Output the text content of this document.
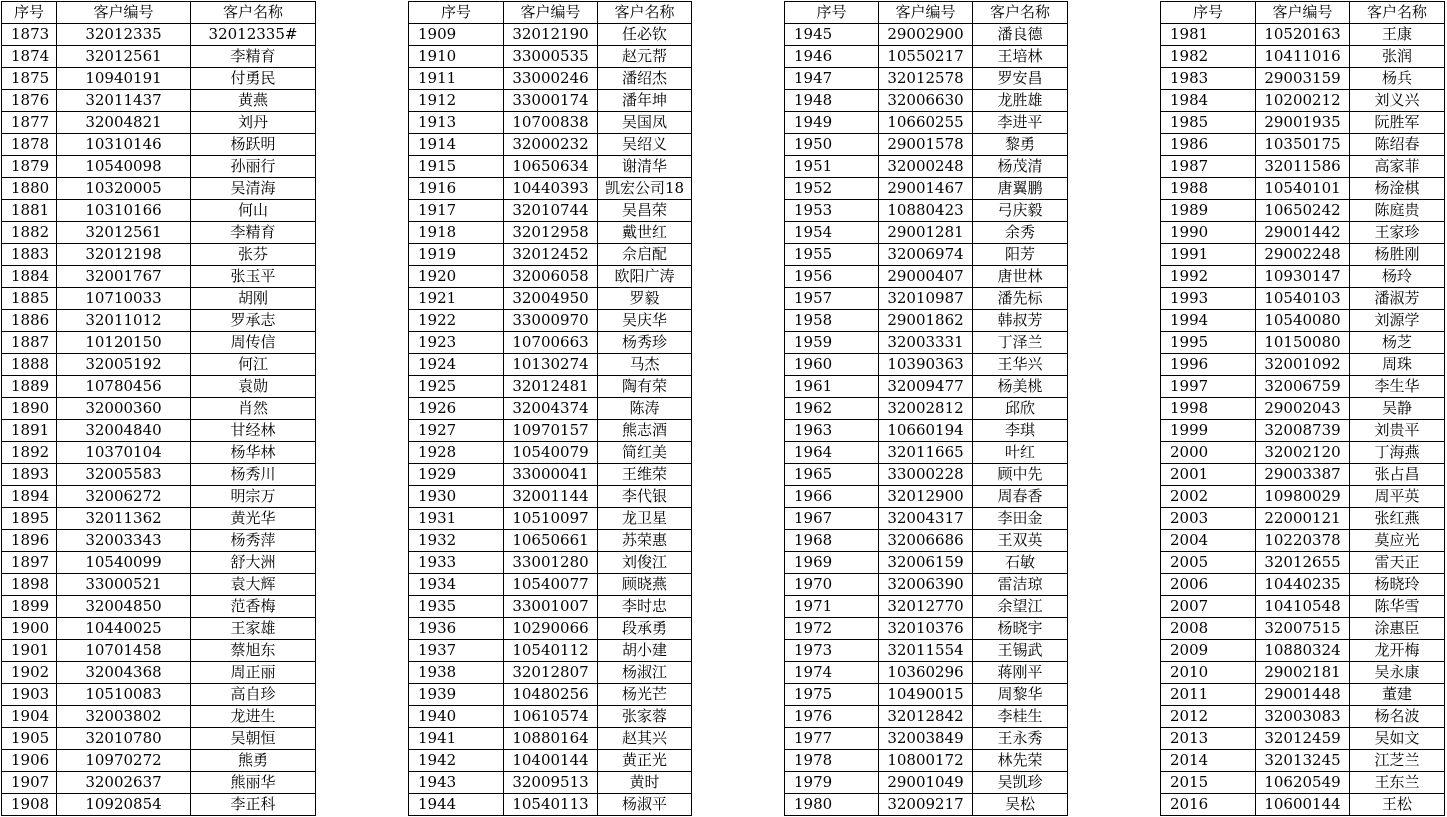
序号	客户编号	客户名称
1873	32012335	32012335#
1874	32012561	李精育
1875	10940191	付勇民
1876	32011437	黄燕
1877	32004821	刘丹
1878	10310146	杨跃明
1879	10540098	孙丽行
1880	10320005	吴清海
1881	10310166	何山
1882	32012561	李精育
1883	32012198	张芬
1884	32001767	张玉平
1885	10710033	胡刚
1886	32011012	罗承志
1887	10120150	周传信
1888	32005192	何江
1889	10780456	袁勋
1890	32000360	肖然
1891	32004840	甘经林
1892	10370104	杨华林
1893	32005583	杨秀川
1894	32006272	明宗万
1895	32011362	黄光华
1896	32003343	杨秀萍
1897	10540099	舒大洲
1898	33000521	袁大辉
1899	32004850	范香梅
1900	10440025	王家雄
1901	10701458	蔡旭东
1902	32004368	周正丽
1903	10510083	高自珍
1904	32003802	龙进生
1905	32010780	吴朝恒
1906	10970272	熊勇
1907	32002637	熊丽华
1908	10920854	李正科
序号	客户编号	客户名称
1909	32012190	任必钦
1910	33000535	赵元帮
1911	33000246	潘绍杰
1912	33000174	潘年坤
1913	10700838	吴国凤
1914	32000232	吴绍义
1915	10650634	谢清华
1916	10440393	凯宏公司18
1917	32010744	吴昌荣
1918	32012958	戴世红
1919	32012452	佘启配
1920	32006058	欧阳广涛
1921	32004950	罗毅
1922	33000970	吴庆华
1923	10700663	杨秀珍
1924	10130274	马杰
1925	32012481	陶有荣
1926	32004374	陈涛
1927	10970157	熊志酒
1928	10540079	简红美
1929	33000041	王维荣
1930	32001144	李代银
1931	10510097	龙卫星
1932	10650661	苏荣惠
1933	33001280	刘俊江
1934	10540077	顾晓燕
1935	33001007	李时忠
1936	10290066	段承勇
1937	10540112	胡小建
1938	32012807	杨淑江
1939	10480256	杨光芒
1940	10610574	张家蓉
1941	10880164	赵其兴
1942	10400144	黄正光
1943	32009513	黄时
1944	10540113	杨淑平
序号	客户编号	客户名称
1945	29002900	潘良德
1946	10550217	王培林
1947	32012578	罗安昌
1948	32006630	龙胜雄
1949	10660255	李进平
1950	29001578	黎勇
1951	32000248	杨茂清
1952	29001467	唐翼鹏
1953	10880423	弓庆毅
1954	29001281	余秀
1955	32006974	阳芳
1956	29000407	唐世林
1957	32010987	潘先标
1958	29001862	韩叔芳
1959	32003331	丁泽兰
1960	10390363	王华兴
1961	32009477	杨美桃
1962	32002812	邱欣
1963	10660194	李琪
1964	32011665	叶红
1965	33000228	顾中先
1966	32012900	周春香
1967	32004317	李田金
1968	32006686	王双英
1969	32006159	石敏
1970	32006390	雷洁琼
1971	32012770	余望江
1972	32010376	杨晓宇
1973	32011554	王锡武
1974	10360296	蒋刚平
1975	10490015	周黎华
1976	32012842	李桂生
1977	32003849	王永秀
1978	10800172	林先荣
1979	29001049	吴凯珍
1980	32009217	吴松
序号	客户编号	客户名称
1981	10520163	王康
1982	10411016	张润
1983	29003159	杨兵
1984	10200212	刘义兴
1985	29001935	阮胜军
1986	10350175	陈绍春
1987	32011586	高家菲
1988	10540101	杨淦棋
1989	10650242	陈庭贵
1990	29001442	王家珍
1991	29002248	杨胜刚
1992	10930147	杨玲
1993	10540103	潘淑芳
1994	10540080	刘源学
1995	10150080	杨芝
1996	32001092	周珠
1997	32006759	李生华
1998	29002043	吴静
1999	32008739	刘贵平
2000	32002120	丁海燕
2001	29003387	张占昌
2002	10980029	周平英
2003	22000121	张红燕
2004	10220378	莫应光
2005	32012655	雷天正
2006	10440235	杨晓玲
2007	10410548	陈华雪
2008	32007515	涂惠臣
2009	10880324	龙开梅
2010	29002181	吴永康
2011	29001448	董建
2012	32003083	杨名波
2013	32012459	吴如文
2014	32013245	江芝兰
2015	10620549	王东兰
2016	10600144	王松
